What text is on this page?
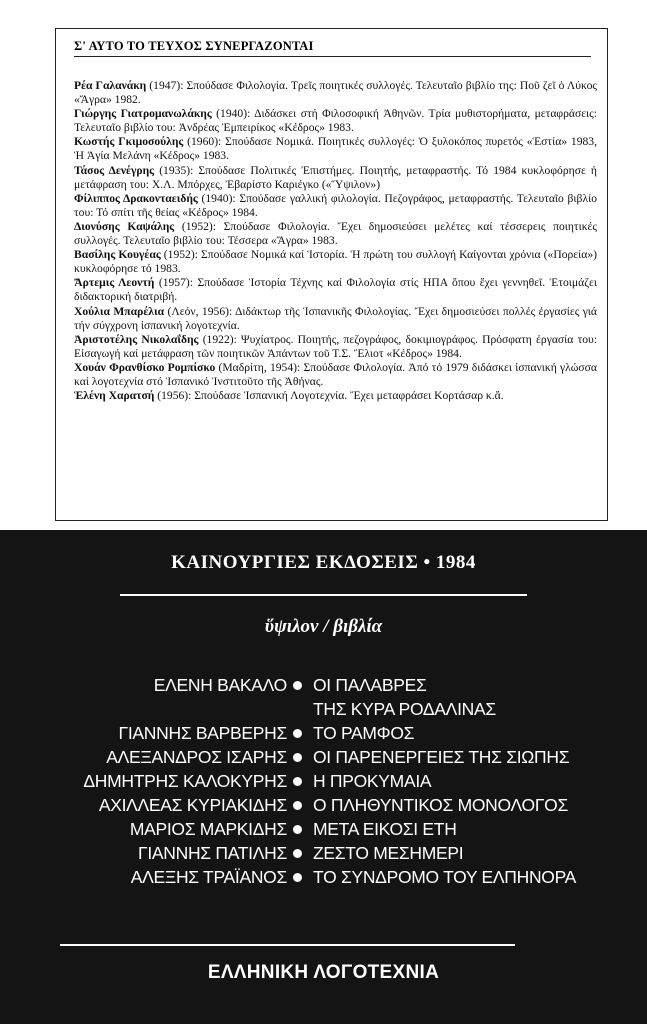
Σ' ΑΥΤΟ ΤΟ ΤΕΥΧΟΣ ΣΥΝΕΡΓΑΖΟΝΤΑΙ

Ρέα Γαλανάκη (1947): Σπούδασε Φιλολογία. Τρεῖς ποιητικές συλλογές. Τελευταῖο βιβλίο της: Ποῦ ζεῖ ὁ Λύκος «Ἄγρα» 1982.

Γιώργης Γιατρομανωλάκης (1940): Διδάσκει στή Φιλοσοφική Ἀθηνῶν. Τρία μυθιστορήματα, μεταφράσεις: Τελευταῖο βιβλίο του: Ἀνδρέας Ἐμπειρίκος «Κέδρος» 1983.

Κωστής Γκιμοσούλης (1960): Σπούδασε Νομικά. Ποιητικές συλλογές: Ὁ ξυλοκόπος πυρετός «Ἑστία» 1983, Ἡ Ἁγία Μελάνη «Κέδρος» 1983.

Τάσος Δενέγρης (1935): Σπούδασε Πολιτικές Ἐπιστήμες. Ποιητής, μεταφραστής. Τό 1984 κυκλοφόρησε ἡ μετάφραση του: Χ.Λ. Μπόρχες, Ἐβαρίστο Καριέγκο («Ὕψιλον»)

Φίλιππος Δρακονταειδής (1940): Σπούδασε γαλλική φιλολογία. Πεζογράφος, μεταφραστής. Τελευταῖο βιβλίο του: Τό σπίτι τῆς θείας «Κέδρος» 1984.

Διονύσης Καψάλης (1952): Σπούδασε Φιλολογία. Ἔχει δημοσιεύσει μελέτες καί τέσσερεις ποιητικές συλλογές. Τελευταῖο βιβλίο του: Τέσσερα «Ἄγρα» 1983.

Βασίλης Κουγέας (1952): Σπούδασε Νομικά καί Ἱστορία. Ἡ πρώτη του συλλογή Καίγονται χρόνια («Πορεία») κυκλοφόρησε τό 1983.

Ἄρτεμις Λεοντή (1957): Σπούδασε Ἱστορία Τέχνης καί Φιλολογία στίς ΗΠΑ ὅπου ἔχει γεννηθεῖ. Ἑτοιμάζει διδακτορική διατριβή.

Χούλια Μπαρέλια (Λεόν, 1956): Διδάκτωρ τῆς Ἱσπανικῆς Φιλολογίας. Ἔχει δημοσιεύσει πολλές ἐργασίες γιά τήν σύγχρονη ἱσπανική λογοτεχνία.

Ἀριστοτέλης Νικολαΐδης (1922): Ψυχίατρος. Ποιητής, πεζογράφος, δοκιμιογράφος. Πρόσφατη ἐργασία του: Εἰσαγωγή καί μετάφραση τῶν ποιητικῶν Ἁπάντων τοῦ Τ.Σ. Ἔλιοτ «Κέδρος» 1984.

Χουάν Φρανθίσκο Ρομπίσκο (Μαδρίτη, 1954): Σπούδασε Φιλολογία. Ἀπό τό 1979 διδάσκει ἱσπανική γλώσσα καί λογοτεχνία στό Ἱσπανικό Ἰνστιτοῦτο τῆς Ἀθήνας.

Ἑλένη Χαρατσή (1956): Σπούδασε Ἱσπανική Λογοτεχνία. Ἔχει μεταφράσει Κορτάσαρ κ.ἄ.

ΚΑΙΝΟΥΡΓΙΕΣ ΕΚΔΟΣΕΙΣ • 1984
ὕψιλον / βιβλία
ΕΛΕΝΗ ΒΑΚΑΛΟ ΟΙ ΠΑΛΑΒΡΕΣ
ΤΗΣ ΚΥΡΑ ΡΟΔΑΛΙΝΑΣ
ΓΙΑΝΝΗΣ ΒΑΡΒΕΡΗΣ ΤΟ ΡΑΜΦΟΣ
ΑΛΕΞΑΝΔΡΟΣ ΙΣΑΡΗΣ ΟΙ ΠΑΡΕΝΕΡΓΕΙΕΣ ΤΗΣ ΣΙΩΠΗΣ
ΔΗΜΗΤΡΗΣ ΚΑΛΟΚΥΡΗΣ Η ΠΡΟΚΥΜΑΙΑ
ΑΧΙΛΛΕΑΣ ΚΥΡΙΑΚΙΔΗΣ Ο ΠΛΗΘΥΝΤΙΚΟΣ ΜΟΝΟΛΟΓΟΣ
ΜΑΡΙΟΣ ΜΑΡΚΙΔΗΣ ΜΕΤΑ ΕΙΚΟΣΙ ΕΤΗ
ΓΙΑΝΝΗΣ ΠΑΤΙΛΗΣ ΖΕΣΤΟ ΜΕΣΗΜΕΡΙ
ΑΛΕΞΗΣ ΤΡΑΪΑΝΟΣ ΤΟ ΣΥΝΔΡΟΜΟ ΤΟΥ ΕΛΠΗΝΟΡΑ
ΕΛΛΗΝΙΚΗ ΛΟΓΟΤΕΧΝΙΑ
